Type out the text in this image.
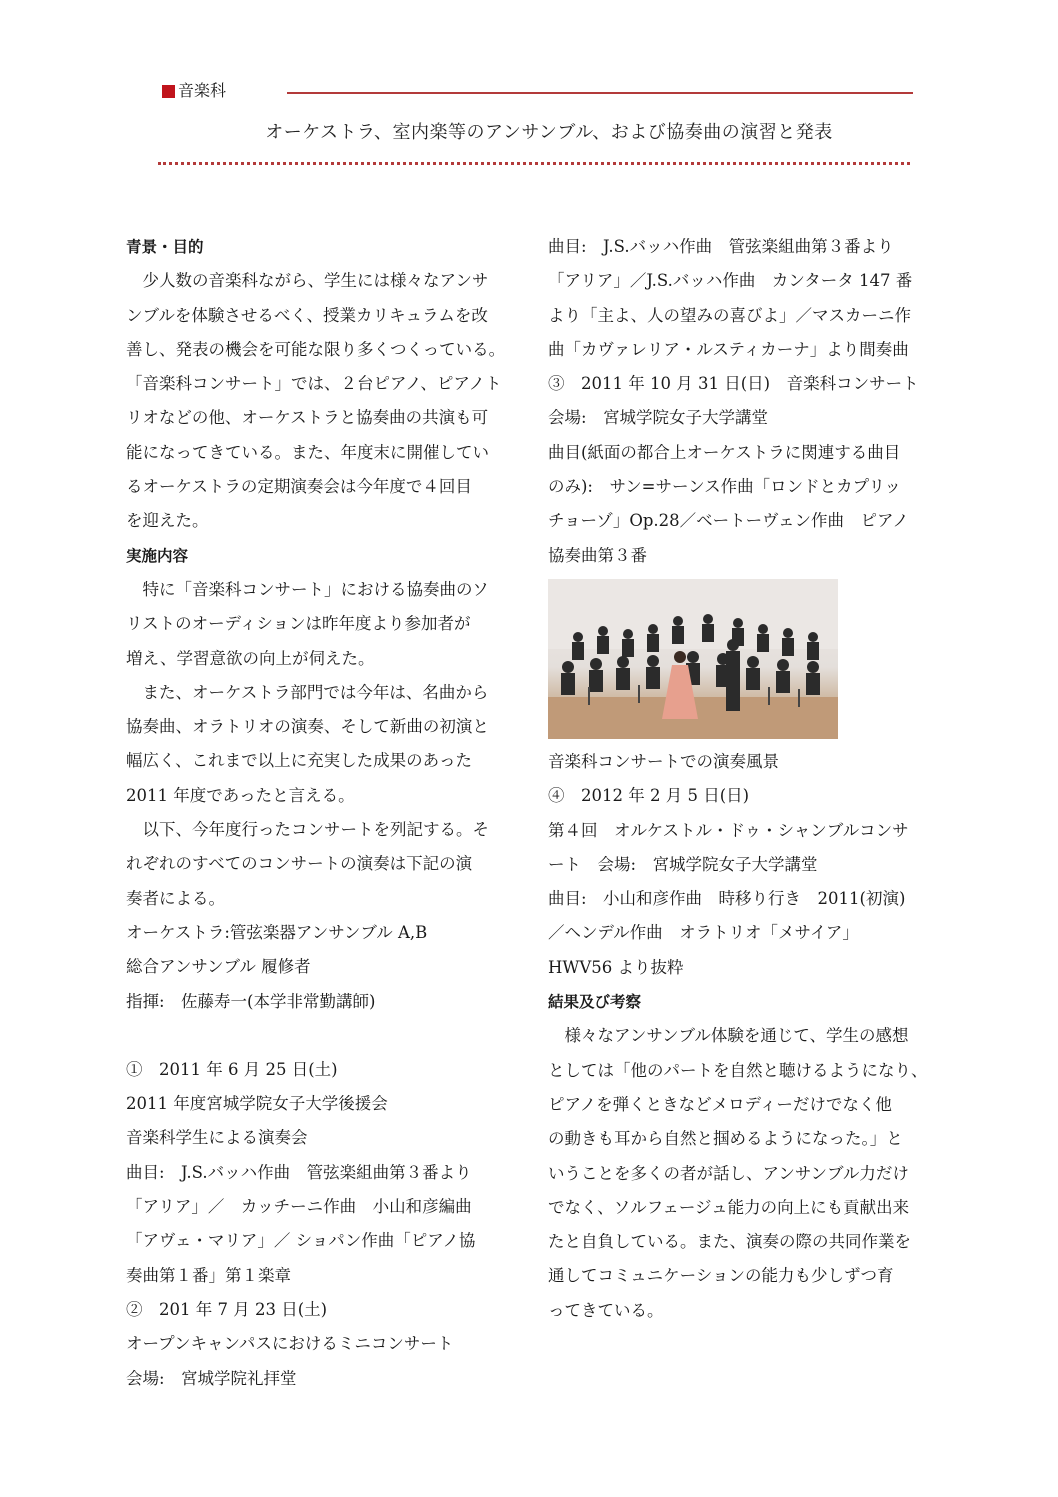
音楽科
オーケストラ、室内楽等のアンサンブル、および協奏曲の演習と発表

青景・目的

　少人数の音楽科ながら、学生には様々なアンサ

ンブルを体験させるべく、授業カリキュラムを改

善し、発表の機会を可能な限り多くつくっている。

「音楽科コンサート」では、２台ピアノ、ピアノト

リオなどの他、オーケストラと協奏曲の共演も可

能になってきている。また、年度末に開催してい

るオーケストラの定期演奏会は今年度で４回目

を迎えた。

実施内容

　特に「音楽科コンサート」における協奏曲のソ

リストのオーディションは昨年度より参加者が

増え、学習意欲の向上が伺えた。

　また、オーケストラ部門では今年は、名曲から

協奏曲、オラトリオの演奏、そして新曲の初演と

幅広く、これまで以上に充実した成果のあった

2011 年度であったと言える。

　以下、今年度行ったコンサートを列記する。そ

れぞれのすべてのコンサートの演奏は下記の演

奏者による。

オーケストラ:管弦楽器アンサンブル A,B

総合アンサンブル 履修者

指揮:　佐藤寿一(本学非常勤講師)

①　2011 年 6 月 25 日(土)

2011 年度宮城学院女子大学後援会

音楽科学生による演奏会

曲目:　J.S.バッハ作曲　管弦楽組曲第３番より

「アリア」／　カッチーニ作曲　小山和彦編曲

「アヴェ・マリア」／ ショパン作曲「ピアノ協

奏曲第１番」第１楽章

②　201 年 7 月 23 日(土)

オープンキャンパスにおけるミニコンサート

会場:　宮城学院礼拝堂

曲目:　J.S.バッハ作曲　管弦楽組曲第３番より

「アリア」／J.S.バッハ作曲　カンタータ 147 番

より「主よ、人の望みの喜びよ」／マスカーニ作

曲「カヴァレリア・ルスティカーナ」より間奏曲

③　2011 年 10 月 31 日(日)　音楽科コンサート

会場:　宮城学院女子大学講堂

曲目(紙面の都合上オーケストラに関連する曲目

のみ):　サン=サーンス作曲「ロンドとカプリッ

チョーゾ」Op.28／ベートーヴェン作曲　ピアノ

協奏曲第３番

音楽科コンサートでの演奏風景

④　2012 年 2 月 5 日(日)

第４回　オルケストル・ドゥ・シャンブルコンサ

ート　会場:　宮城学院女子大学講堂

曲目:　小山和彦作曲　時移り行き　2011(初演)

／ヘンデル作曲　オラトリオ「メサイア」

HWV56 より抜粋

結果及び考察

　様々なアンサンブル体験を通じて、学生の感想

としては「他のパートを自然と聴けるようになり、

ピアノを弾くときなどメロディーだけでなく他

の動きも耳から自然と掴めるようになった。」と

いうことを多くの者が話し、アンサンブル力だけ

でなく、ソルフェージュ能力の向上にも貢献出来

たと自負している。また、演奏の際の共同作業を

通してコミュニケーションの能力も少しずつ育

ってきている。
